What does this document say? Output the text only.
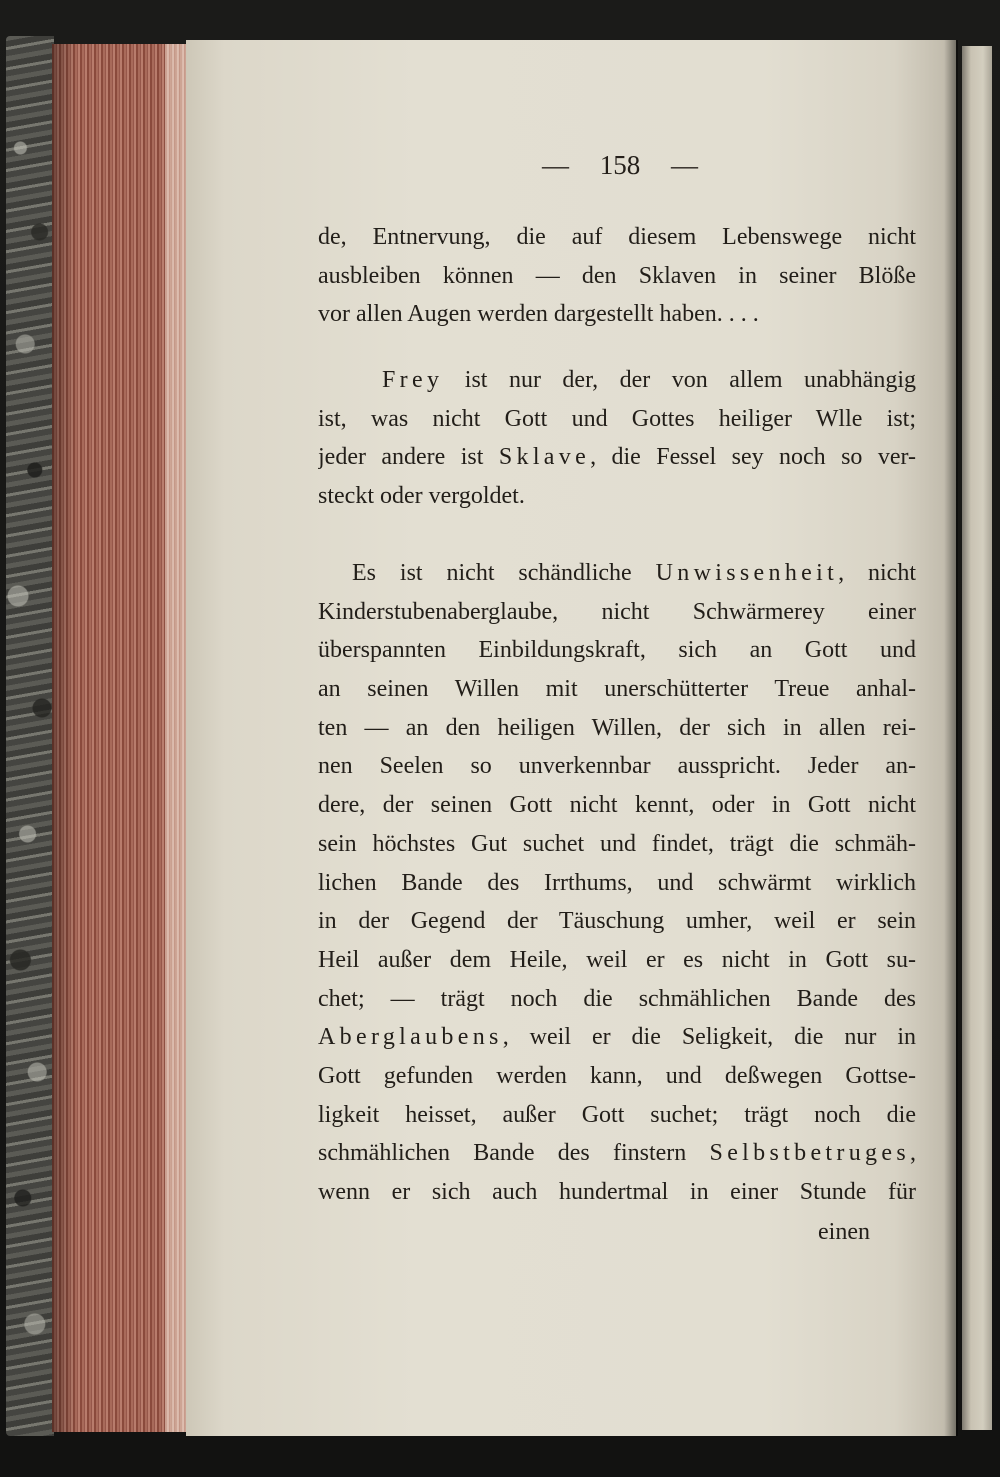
— 158 —
de, Entnervung, die auf diesem Lebenswege nicht
ausbleiben können — den Sklaven in seiner Blöße
vor allen Augen werden dargestellt haben. . . .
Frey ist nur der, der von allem unabhängig
ist, was nicht Gott und Gottes heiliger Wlle ist;
jeder andere ist Sklave, die Fessel sey noch so ver-
steckt oder vergoldet.
Es ist nicht schändliche Unwissenheit, nicht
Kinderstubenaberglaube, nicht Schwärmerey einer
überspannten Einbildungskraft, sich an Gott und
an seinen Willen mit unerschütterter Treue anhal-
ten — an den heiligen Willen, der sich in allen rei-
nen Seelen so unverkennbar ausspricht. Jeder an-
dere, der seinen Gott nicht kennt, oder in Gott nicht
sein höchstes Gut suchet und findet, trägt die schmäh-
lichen Bande des Irrthums, und schwärmt wirklich
in der Gegend der Täuschung umher, weil er sein
Heil außer dem Heile, weil er es nicht in Gott su-
chet; — trägt noch die schmählichen Bande des
Aberglaubens, weil er die Seligkeit, die nur in
Gott gefunden werden kann, und deßwegen Gottse-
ligkeit heisset, außer Gott suchet; trägt noch die
schmählichen Bande des finstern Selbstbetruges,
wenn er sich auch hundertmal in einer Stunde für
einen
